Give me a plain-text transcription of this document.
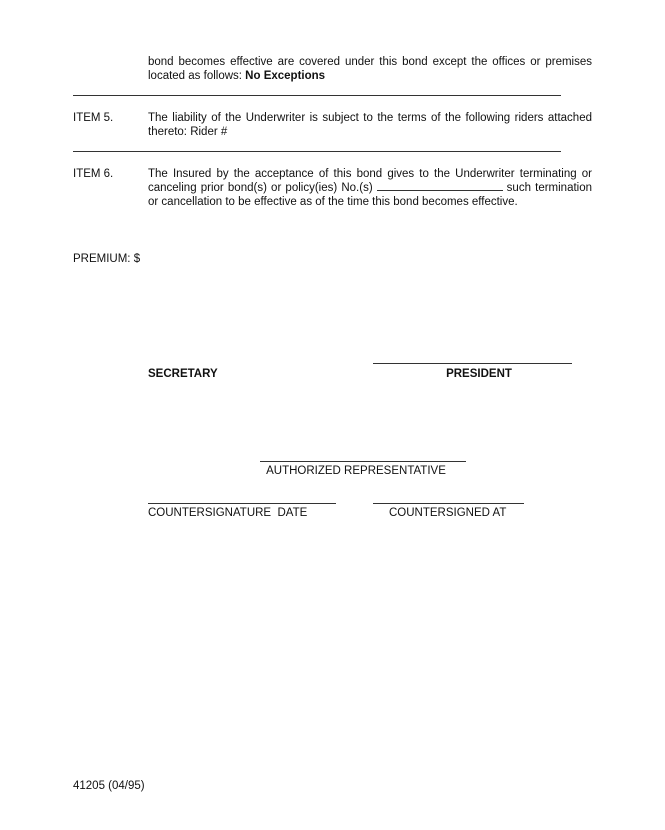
bond becomes effective are covered under this bond except the offices or premises located as follows: No Exceptions
ITEM 5.	The liability of the Underwriter is subject to the terms of the following riders attached thereto: Rider #
ITEM 6.	The Insured by the acceptance of this bond gives to the Underwriter terminating or canceling prior bond(s) or policy(ies) No.(s)	such termination or cancellation to be effective as of the time this bond becomes effective.
PREMIUM: $
SECRETARY	PRESIDENT
AUTHORIZED REPRESENTATIVE
COUNTERSIGNATURE  DATE	COUNTERSIGNED AT
41205 (04/95)
